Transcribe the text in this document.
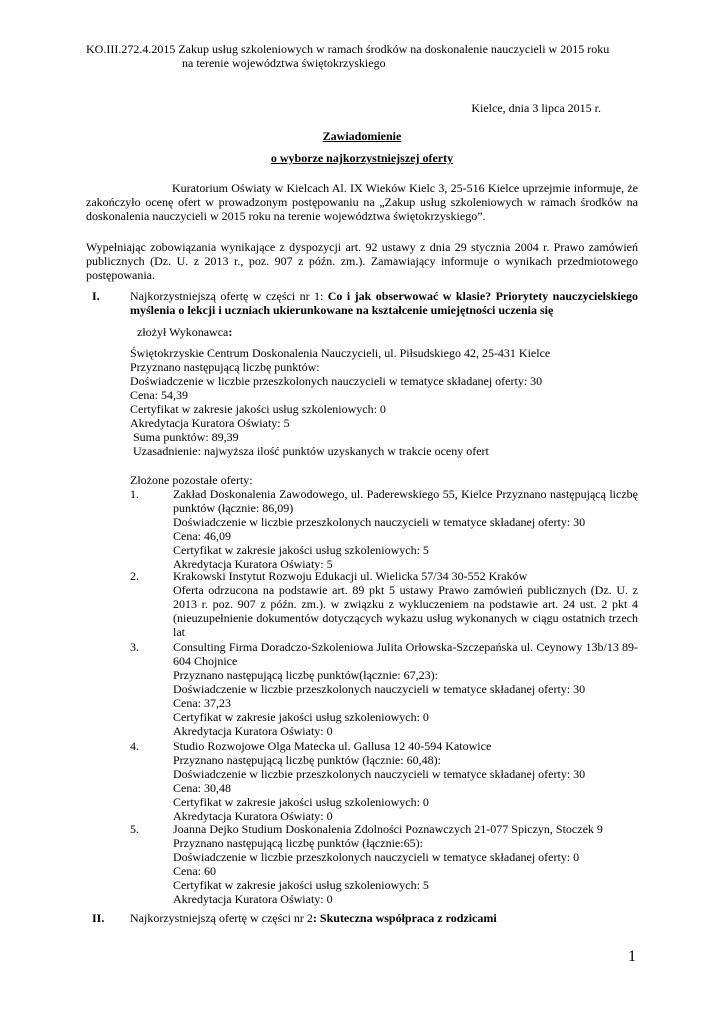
KO.III.272.4.2015 Zakup usług szkoleniowych w ramach środków na doskonalenie nauczycieli w 2015 roku
na terenie województwa świętokrzyskiego
Kielce, dnia 3 lipca 2015 r.
Zawiadomienie
o wyborze najkorzystniejszej oferty
Kuratorium Oświaty w Kielcach Al. IX Wieków Kielc 3, 25-516 Kielce uprzejmie informuje, że zakończyło ocenę ofert w prowadzonym postępowaniu na „Zakup usług szkoleniowych w ramach środków na doskonalenia nauczycieli w 2015 roku na terenie województwa świętokrzyskiego”.
Wypełniając zobowiązania wynikające z dyspozycji art. 92 ustawy z dnia 29 stycznia 2004 r. Prawo zamówień publicznych (Dz. U. z 2013 r., poz. 907 z późn. zm.). Zamawiający informuje o wynikach przedmiotowego postępowania.
I.	Najkorzystniejszą ofertę w części nr 1: Co i jak obserwować w klasie? Priorytety nauczycielskiego myślenia o lekcji i uczniach ukierunkowane na kształcenie umiejętności uczenia się
złożył Wykonawca:
Świętokrzyskie Centrum Doskonalenia Nauczycieli, ul. Piłsudskiego 42, 25-431 Kielce
Przyznano następującą liczbę punktów:
Doświadczenie w liczbie przeszkolonych nauczycieli w tematyce składanej oferty: 30
Cena: 54,39
Certyfikat w zakresie jakości usług szkoleniowych: 0
Akredytacja Kuratora Oświaty: 5
Suma punktów: 89,39
Uzasadnienie: najwyższa ilość punktów uzyskanych w trakcie oceny ofert
Złożone pozostałe oferty:
1.	Zakład Doskonalenia Zawodowego, ul. Paderewskiego 55, Kielce Przyznano następującą liczbę punktów (łącznie: 86,09)
Doświadczenie w liczbie przeszkolonych nauczycieli w tematyce składanej oferty: 30
Cena: 46,09
Certyfikat w zakresie jakości usług szkoleniowych: 5
Akredytacja Kuratora Oświaty: 5
2.	Krakowski Instytut Rozwoju Edukacji ul. Wielicka 57/34 30-552 Kraków
Oferta odrzucona na podstawie art. 89 pkt 5 ustawy Prawo zamówień publicznych (Dz. U. z 2013 r. poz. 907 z późn. zm.). w związku z wykluczeniem na podstawie art. 24 ust. 2 pkt 4 (nieuzupełnienie dokumentów dotyczących wykazu usług wykonanych w ciągu ostatnich trzech lat
3.	Consulting Firma Doradczo-Szkoleniowa Julita Orłowska-Szczepańska ul. Ceynowy 13b/13 89-604 Chojnice
Przyznano następującą liczbę punktów(łącznie: 67,23):
Doświadczenie w liczbie przeszkolonych nauczycieli w tematyce składanej oferty: 30
Cena: 37,23
Certyfikat w zakresie jakości usług szkoleniowych: 0
Akredytacja Kuratora Oświaty: 0
4.	Studio Rozwojowe Olga Matecka ul. Gallusa 12 40-594 Katowice
Przyznano następującą liczbę punktów (łącznie: 60,48):
Doświadczenie w liczbie przeszkolonych nauczycieli w tematyce składanej oferty: 30
Cena: 30,48
Certyfikat w zakresie jakości usług szkoleniowych: 0
Akredytacja Kuratora Oświaty: 0
5.	Joanna Dejko Studium Doskonalenia Zdolności Poznawczych 21-077 Spiczyn, Stoczek 9
Przyznano następującą liczbę punktów (łącznie:65):
Doświadczenie w liczbie przeszkolonych nauczycieli w tematyce składanej oferty: 0
Cena: 60
Certyfikat w zakresie jakości usług szkoleniowych: 5
Akredytacja Kuratora Oświaty: 0
II. Najkorzystniejszą ofertę w części nr 2: Skuteczna współpraca z rodzicami
1
